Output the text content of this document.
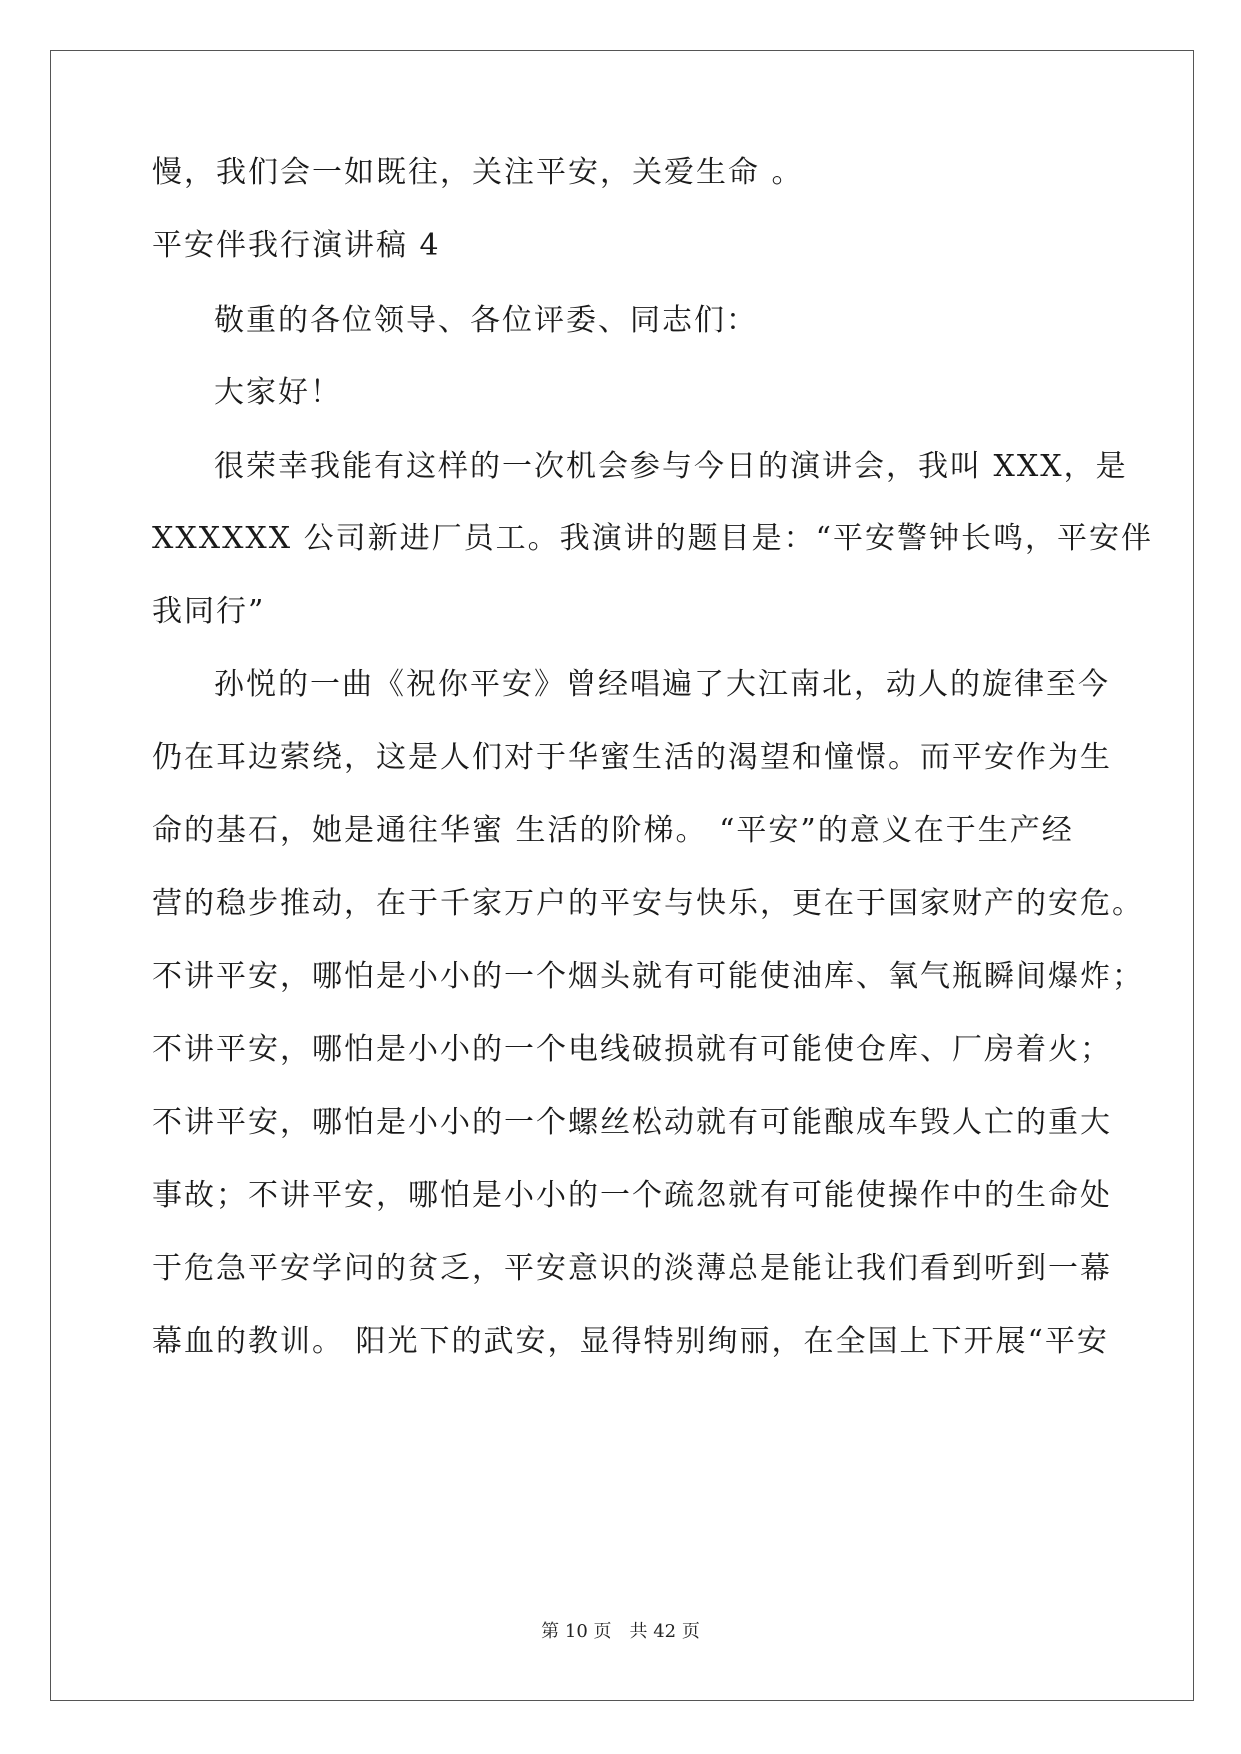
慢，我们会一如既往，关注平安，关爱生命 。
平安伴我行演讲稿 4
敬重的各位领导、各位评委、同志们：
大家好！
很荣幸我能有这样的一次机会参与今日的演讲会，我叫 XXX，是
XXXXXX 公司新进厂员工。我演讲的题目是：“平安警钟长鸣，平安伴
我同行”
孙悦的一曲《祝你平安》曾经唱遍了大江南北，动人的旋律至今
仍在耳边萦绕，这是人们对于华蜜生活的渴望和憧憬。而平安作为生
命的基石，她是通往华蜜 生活的阶梯。 “平安”的意义在于生产经
营的稳步推动，在于千家万户的平安与快乐，更在于国家财产的安危。
不讲平安，哪怕是小小的一个烟头就有可能使油库、氧气瓶瞬间爆炸；
不讲平安，哪怕是小小的一个电线破损就有可能使仓库、厂房着火；
不讲平安，哪怕是小小的一个螺丝松动就有可能酿成车毁人亡的重大
事故；不讲平安，哪怕是小小的一个疏忽就有可能使操作中的生命处
于危急平安学问的贫乏，平安意识的淡薄总是能让我们看到听到一幕
幕血的教训。 阳光下的武安，显得特别绚丽，在全国上下开展“平安
第 10 页　共 42 页
